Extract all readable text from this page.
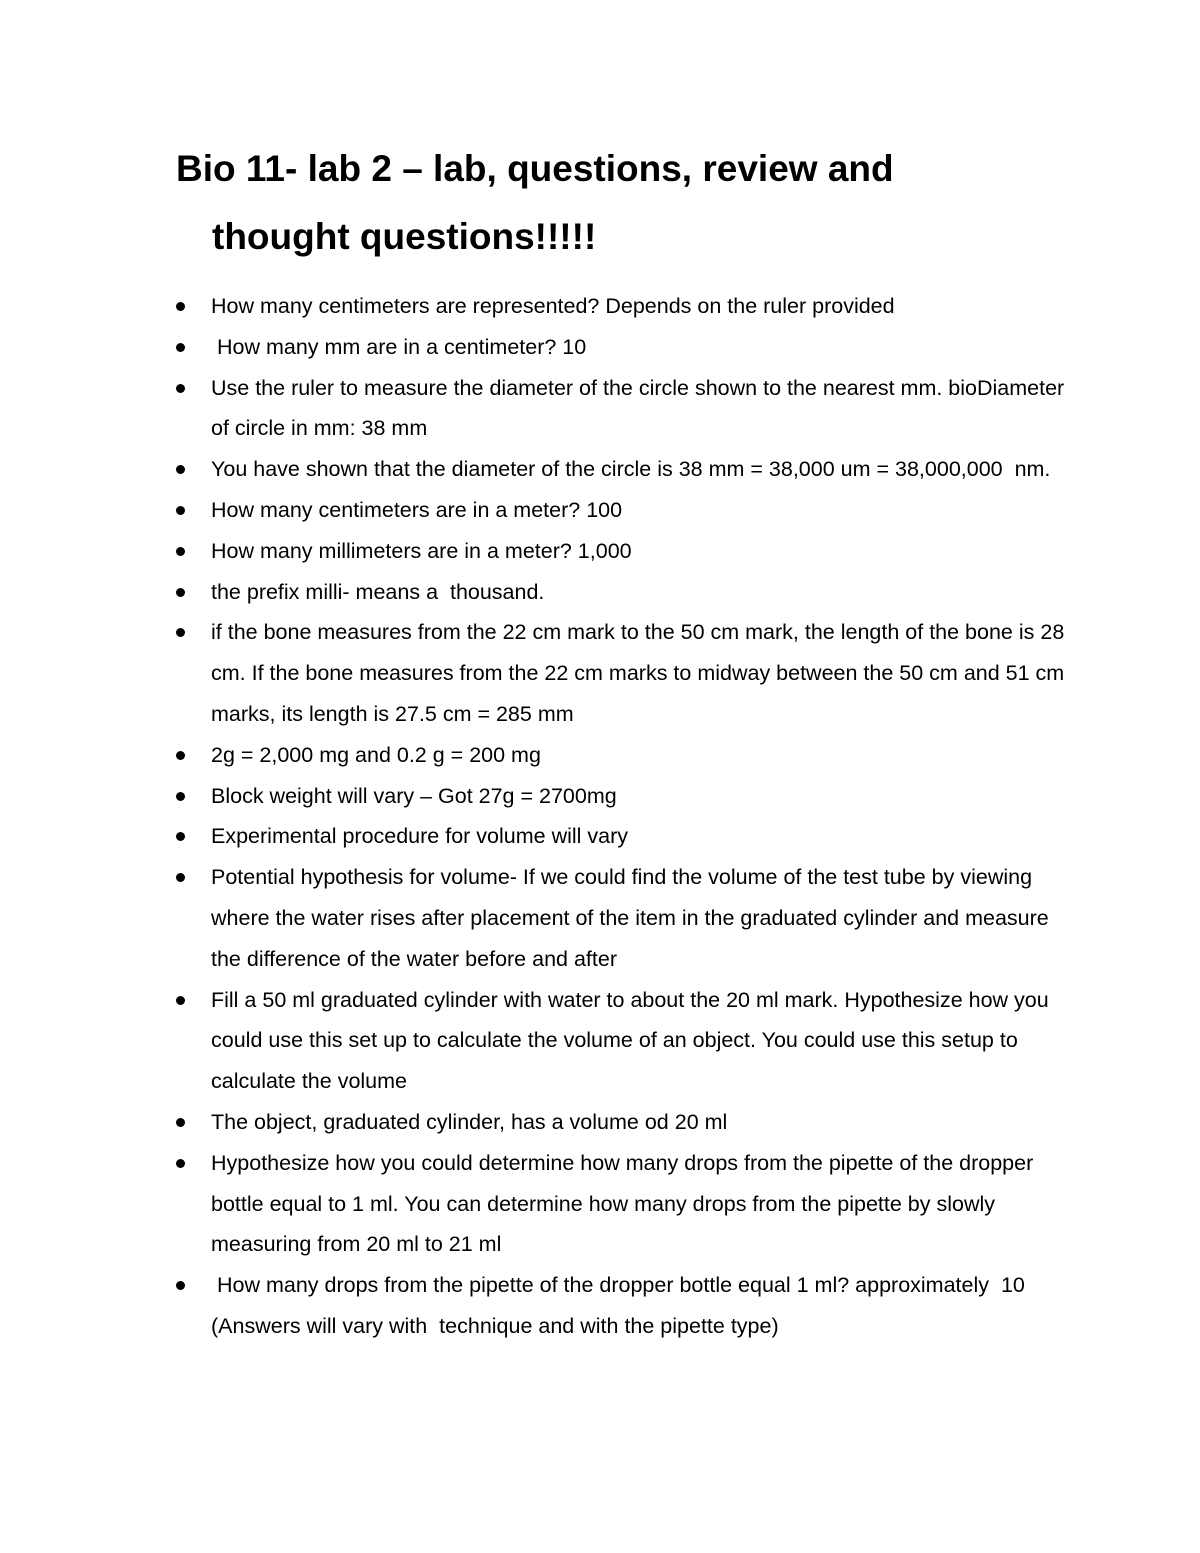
Bio 11- lab 2 – lab, questions, review and
thought questions!!!!!
How many centimeters are represented? Depends on the ruler provided
How many mm are in a centimeter? 10
Use the ruler to measure the diameter of the circle shown to the nearest mm. bioDiameter of circle in mm: 38 mm
You have shown that the diameter of the circle is 38 mm = 38,000 um = 38,000,000  nm.
How many centimeters are in a meter? 100
How many millimeters are in a meter? 1,000
the prefix milli- means a  thousand.
if the bone measures from the 22 cm mark to the 50 cm mark, the length of the bone is 28 cm. If the bone measures from the 22 cm marks to midway between the 50 cm and 51 cm marks, its length is 27.5 cm = 285 mm
2g = 2,000 mg and 0.2 g = 200 mg
Block weight will vary – Got 27g = 2700mg
Experimental procedure for volume will vary
Potential hypothesis for volume- If we could find the volume of the test tube by viewing where the water rises after placement of the item in the graduated cylinder and measure the difference of the water before and after
Fill a 50 ml graduated cylinder with water to about the 20 ml mark. Hypothesize how you could use this set up to calculate the volume of an object. You could use this setup to calculate the volume
The object, graduated cylinder, has a volume od 20 ml
Hypothesize how you could determine how many drops from the pipette of the dropper bottle equal to 1 ml. You can determine how many drops from the pipette by slowly measuring from 20 ml to 21 ml
How many drops from the pipette of the dropper bottle equal 1 ml? approximately  10 (Answers will vary with  technique and with the pipette type)
